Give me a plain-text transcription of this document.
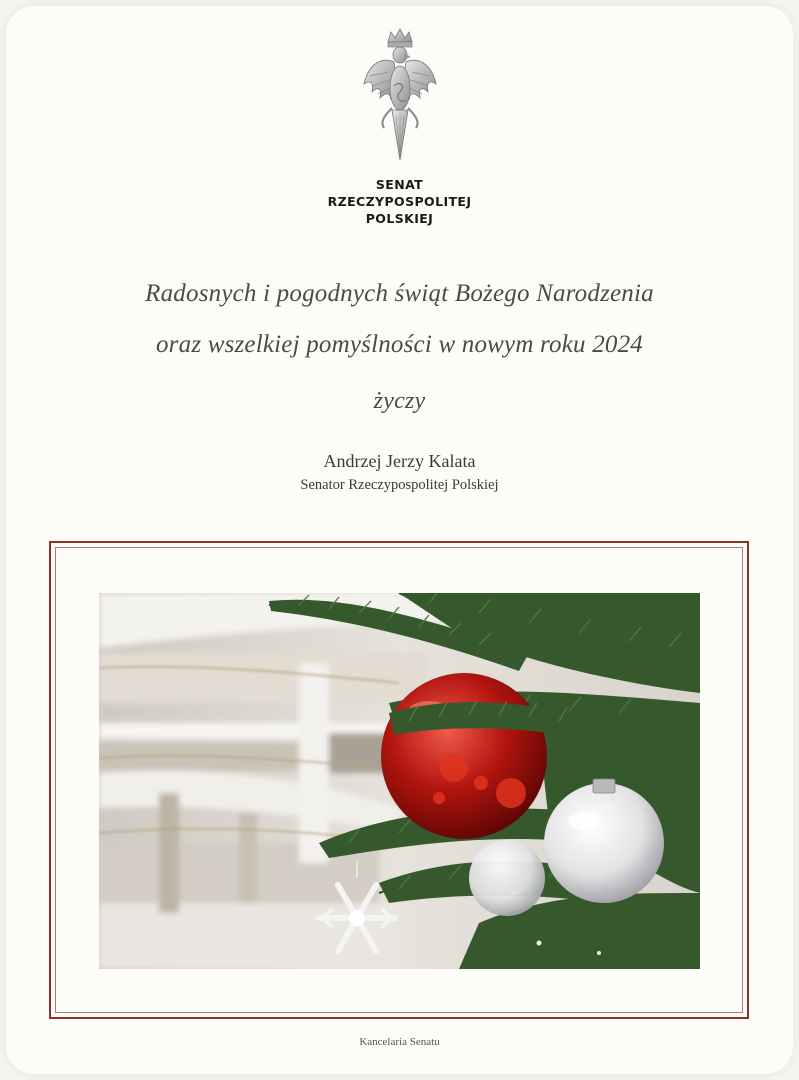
SENAT
RZECZYPOSPOLITEJ
POLSKIEJ
Radosnych i pogodnych świąt Bożego Narodzenia
oraz wszelkiej pomyślności w nowym roku 2024
życzy
Andrzej Jerzy Kalata
Senator Rzeczypospolitej Polskiej
Kancelaria Senatu
